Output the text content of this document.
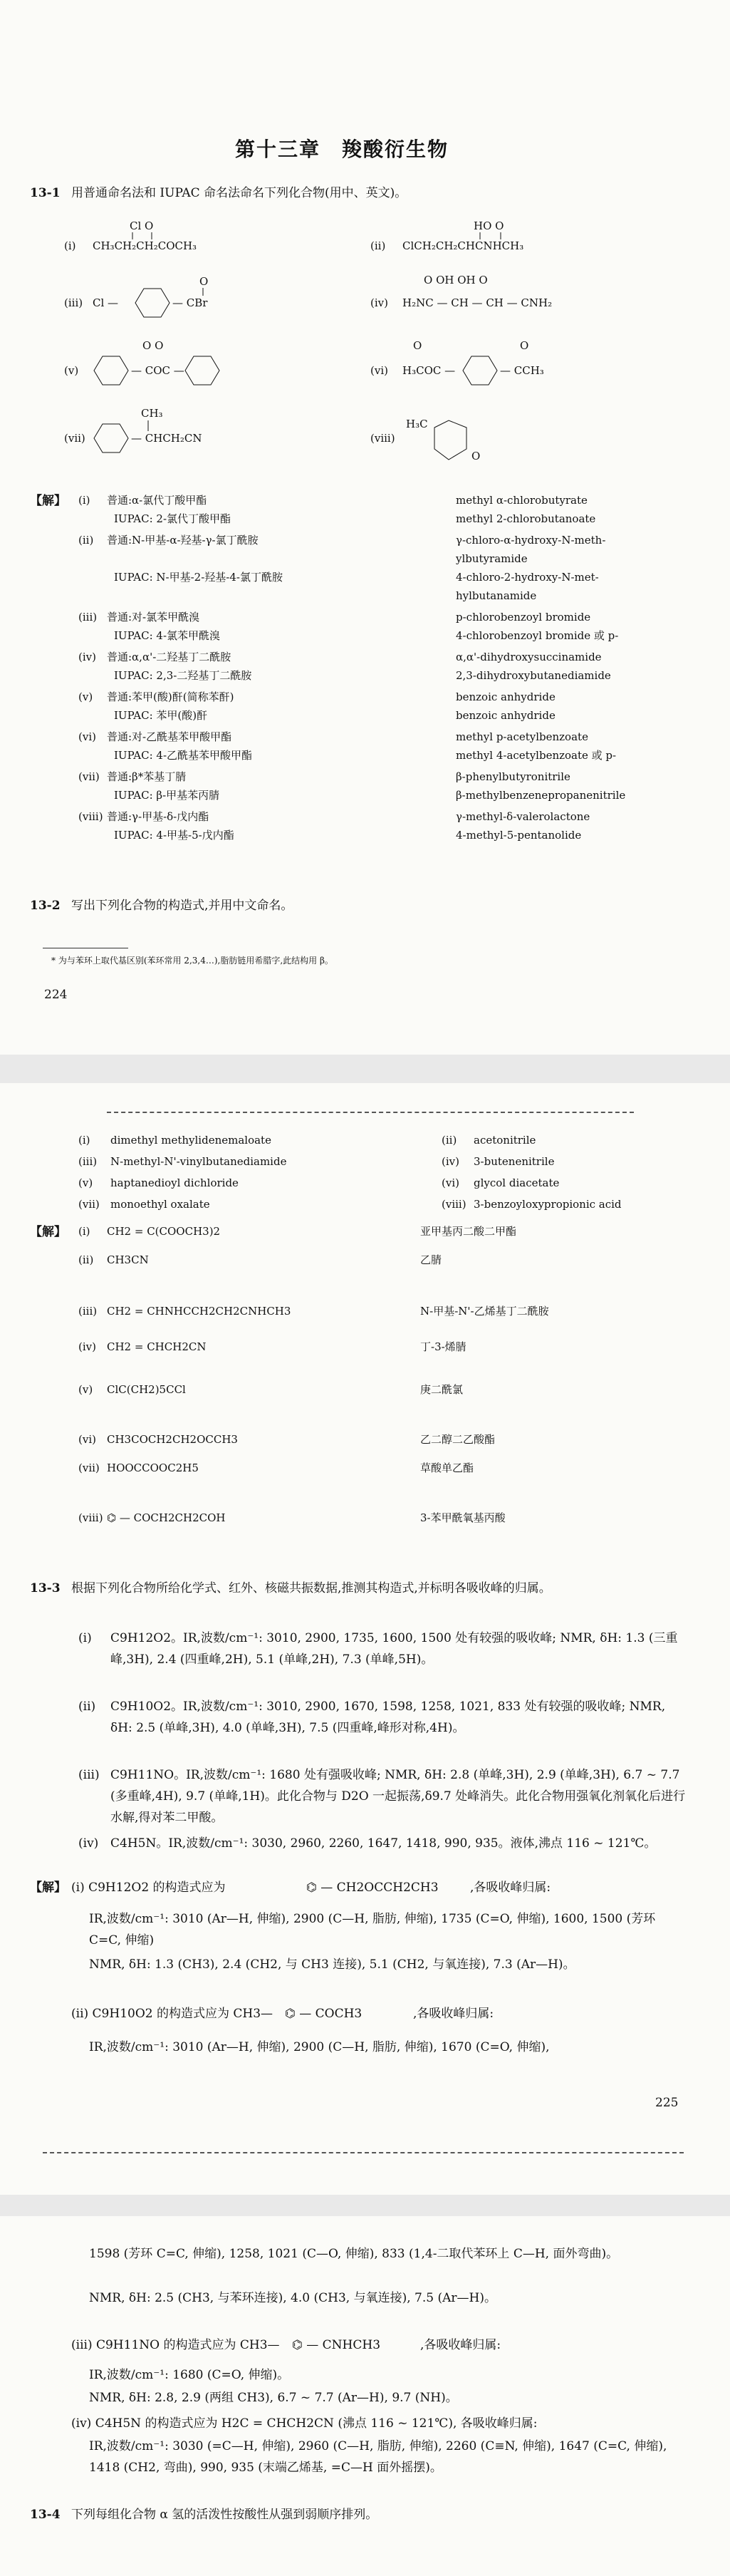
第十三章　羧酸衍生物
13-1 用普通命名法和 IUPAC 命名法命名下列化合物(用中、英文)。
(i) CH₃CH₂CH₂COCH₃
Cl O
(ii) ClCH₂CH₂CHCNHCH₃
HO O
(iii) Cl —	— CBr
O
(iv) H₂NC — CH — CH — CNH₂
O OH OH O
(v)	— COC —
O O
(vi) H₃COC —	— CCH₃
O	O
(vii)	— CHCH₂CN
CH₃
(viii)
H₃C
O
【解】
13-2 写出下列化合物的构造式,并用中文命名。
* 为与苯环上取代基区别(苯环常用 2,3,4…),脂肪链用希腊字,此结构用 β。
224
(i) 普通:α-氯代丁酸甲酯	methyl α-chlorobutyrate
IUPAC: 2-氯代丁酸甲酯	methyl 2-chlorobutanoate
(ii) 普通:N-甲基-α-羟基-γ-氯丁酰胺	γ-chloro-α-hydroxy-N-meth-
ylbutyramide
IUPAC: N-甲基-2-羟基-4-氯丁酰胺	4-chloro-2-hydroxy-N-met-
hylbutanamide
(iii) 普通:对-氯苯甲酰溴	p-chlorobenzoyl bromide
IUPAC: 4-氯苯甲酰溴	4-chlorobenzoyl bromide 或 p-
(iv) 普通:α,α'-二羟基丁二酰胺	α,α'-dihydroxysuccinamide
IUPAC: 2,3-二羟基丁二酰胺	2,3-dihydroxybutanediamide
(v) 普通:苯甲(酸)酐(简称苯酐)	benzoic anhydride
IUPAC: 苯甲(酸)酐	benzoic anhydride
(vi) 普通:对-乙酰基苯甲酸甲酯	methyl p-acetylbenzoate
IUPAC: 4-乙酰基苯甲酸甲酯	methyl 4-acetylbenzoate 或 p-
(vii) 普通:β*苯基丁腈	β-phenylbutyronitrile
IUPAC: β-甲基苯丙腈	β-methylbenzenepropanenitrile
(viii) 普通:γ-甲基-δ-戊内酯	γ-methyl-δ-valerolactone
IUPAC: 4-甲基-5-戊内酯	4-methyl-5-pentanolide
【解】
13-3 根据下列化合物所给化学式、红外、核磁共振数据,推测其构造式,并标明各吸收峰的归属。
【解】 (i) C9H12O2 的构造式应为	⌬ — CH2OCCH2CH3	,各吸收峰归属:
IR,波数/cm⁻¹: 3010 (Ar—H, 伸缩), 2900 (C—H, 脂肪, 伸缩), 1735 (C=O, 伸缩), 1600, 1500 (芳环 C=C, 伸缩)
NMR, δH: 1.3 (CH3), 2.4 (CH2, 与 CH3 连接), 5.1 (CH2, 与氧连接), 7.3 (Ar—H)。
(ii) C9H10O2 的构造式应为 CH3— ⌬ — COCH3	,各吸收峰归属:
IR,波数/cm⁻¹: 3010 (Ar—H, 伸缩), 2900 (C—H, 脂肪, 伸缩), 1670 (C=O, 伸缩),
225
(i) dimethyl methylidenemaloate	(ii) acetonitrile
(iii) N-methyl-N'-vinylbutanediamide	(iv) 3-butenenitrile
(v) haptanedioyl dichloride	(vi) glycol diacetate
(vii) monoethyl oxalate	(viii) 3-benzoyloxypropionic acid
(i) CH2 = C(COOCH3)2	亚甲基丙二酸二甲酯
(ii) CH3CN	乙腈
(iii) CH2 = CHNHCCH2CH2CNHCH3	N-甲基-N'-乙烯基丁二酰胺
(iv) CH2 = CHCH2CN	丁-3-烯腈
(v) ClC(CH2)5CCl	庚二酰氯
(vi) CH3COCH2CH2OCCH3	乙二醇二乙酸酯
(vii) HOOCCOOC2H5	草酸单乙酯
(viii) ⌬ — COCH2CH2COH	3-苯甲酰氧基丙酸
(i) C9H12O2。IR,波数/cm⁻¹: 3010, 2900, 1735, 1600, 1500 处有较强的吸收峰; NMR, δH: 1.3 (三重峰,3H), 2.4 (四重峰,2H), 5.1 (单峰,2H), 7.3 (单峰,5H)。
(ii) C9H10O2。IR,波数/cm⁻¹: 3010, 2900, 1670, 1598, 1258, 1021, 833 处有较强的吸收峰; NMR, δH: 2.5 (单峰,3H), 4.0 (单峰,3H), 7.5 (四重峰,峰形对称,4H)。
(iii) C9H11NO。IR,波数/cm⁻¹: 1680 处有强吸收峰; NMR, δH: 2.8 (单峰,3H), 2.9 (单峰,3H), 6.7 ~ 7.7 (多重峰,4H), 9.7 (单峰,1H)。此化合物与 D2O 一起振荡,δ9.7 处峰消失。此化合物用强氧化剂氧化后进行水解,得对苯二甲酸。
(iv) C4H5N。IR,波数/cm⁻¹: 3030, 2960, 2260, 1647, 1418, 990, 935。液体,沸点 116 ~ 121℃。
1598 (芳环 C=C, 伸缩), 1258, 1021 (C—O, 伸缩), 833 (1,4-二取代苯环上 C—H, 面外弯曲)。
NMR, δH: 2.5 (CH3, 与苯环连接), 4.0 (CH3, 与氧连接), 7.5 (Ar—H)。
(iii) C9H11NO 的构造式应为 CH3— ⌬ — CNHCH3	,各吸收峰归属:
IR,波数/cm⁻¹: 1680 (C=O, 伸缩)。
NMR, δH: 2.8, 2.9 (两组 CH3), 6.7 ~ 7.7 (Ar—H), 9.7 (NH)。
(iv) C4H5N 的构造式应为 H2C = CHCH2CN (沸点 116 ~ 121℃), 各吸收峰归属:
IR,波数/cm⁻¹: 3030 (=C—H, 伸缩), 2960 (C—H, 脂肪, 伸缩), 2260 (C≡N, 伸缩), 1647 (C=C, 伸缩), 1418 (CH2, 弯曲), 990, 935 (末端乙烯基, =C—H 面外摇摆)。
13-4 下列每组化合物 α 氢的活泼性按酸性从强到弱顺序排列。
